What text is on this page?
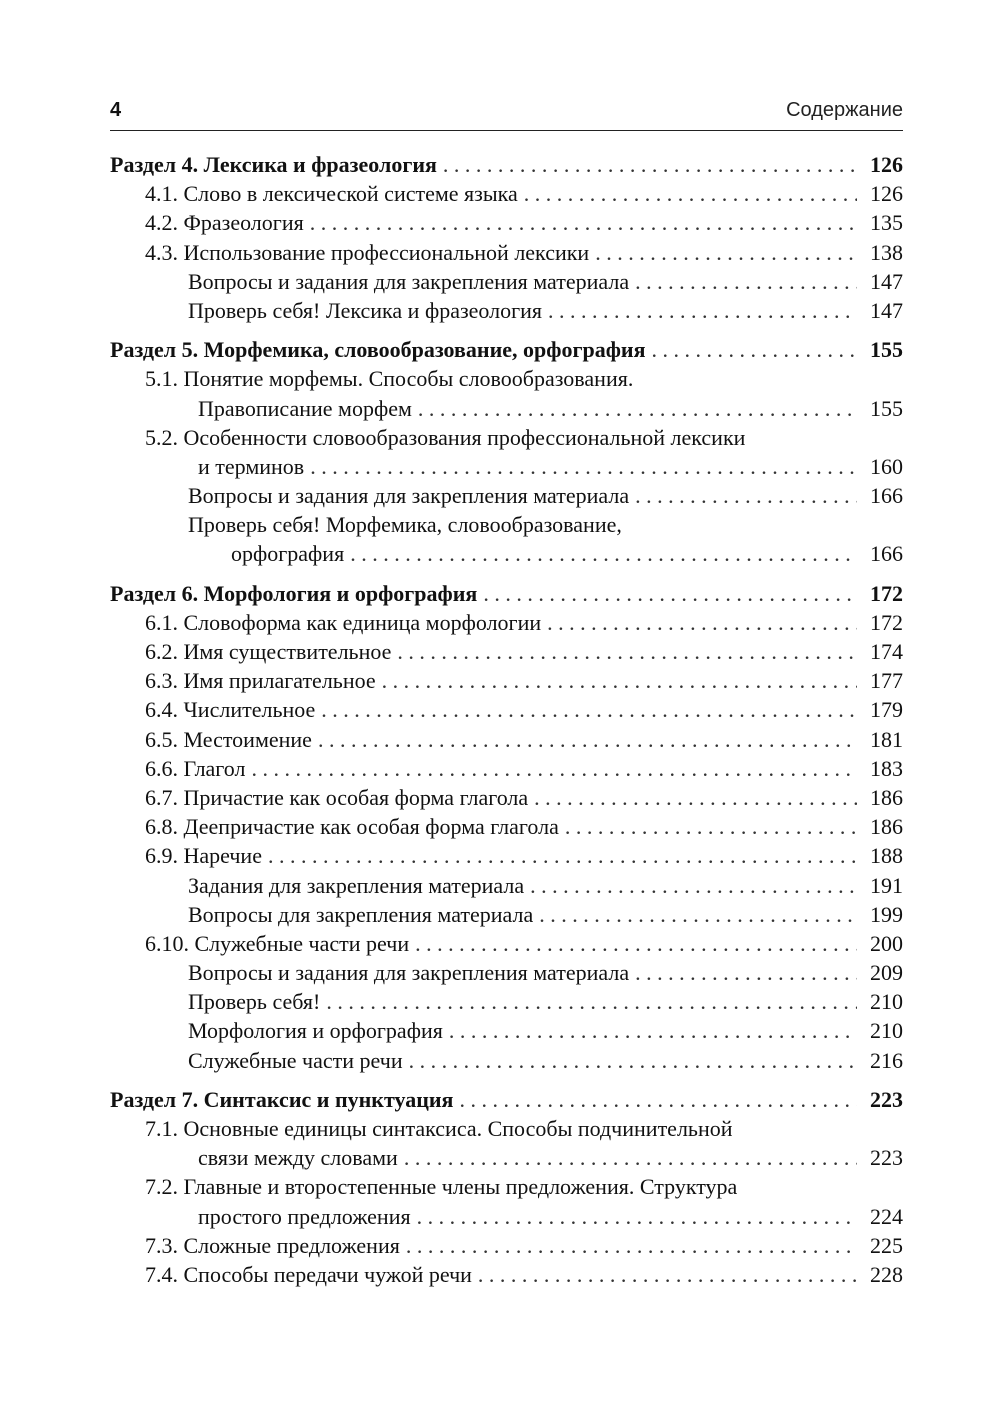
4	Содержание
Раздел 4. Лексика и фразеология . . .	126
4.1. Слово в лексической системе языка . . .	126
4.2. Фразеология . . .	135
4.3. Использование профессиональной лексики . . .	138
Вопросы и задания для закрепления материала . . .	147
Проверь себя! Лексика и фразеология . . .	147
Раздел 5. Морфемика, словообразование, орфография . . .	155
5.1. Понятие морфемы. Способы словообразования.
Правописание морфем . . .	155
5.2. Особенности словообразования профессиональной лексики
и терминов . . .	160
Вопросы и задания для закрепления материала . . .	166
Проверь себя! Морфемика, словообразование,
орфография . . .	166
Раздел 6. Морфология и орфография . . .	172
6.1. Словоформа как единица морфологии . . .	172
6.2. Имя существительное . . .	174
6.3. Имя прилагательное . . .	177
6.4. Числительное . . .	179
6.5. Местоимение . . .	181
6.6. Глагол . . .	183
6.7. Причастие как особая форма глагола . . .	186
6.8. Деепричастие как особая форма глагола . . .	186
6.9. Наречие . . .	188
Задания для закрепления материала . . .	191
Вопросы для закрепления материала . . .	199
6.10. Служебные части речи . . .	200
Вопросы и задания для закрепления материала . . .	209
Проверь себя! . . .	210
Морфология и орфография . . .	210
Служебные части речи . . .	216
Раздел 7. Синтаксис и пунктуация . . .	223
7.1. Основные единицы синтаксиса. Способы подчинительной
связи между словами . . .	223
7.2. Главные и второстепенные члены предложения. Структура
простого предложения . . .	224
7.3. Сложные предложения . . .	225
7.4. Способы передачи чужой речи . . .	228
